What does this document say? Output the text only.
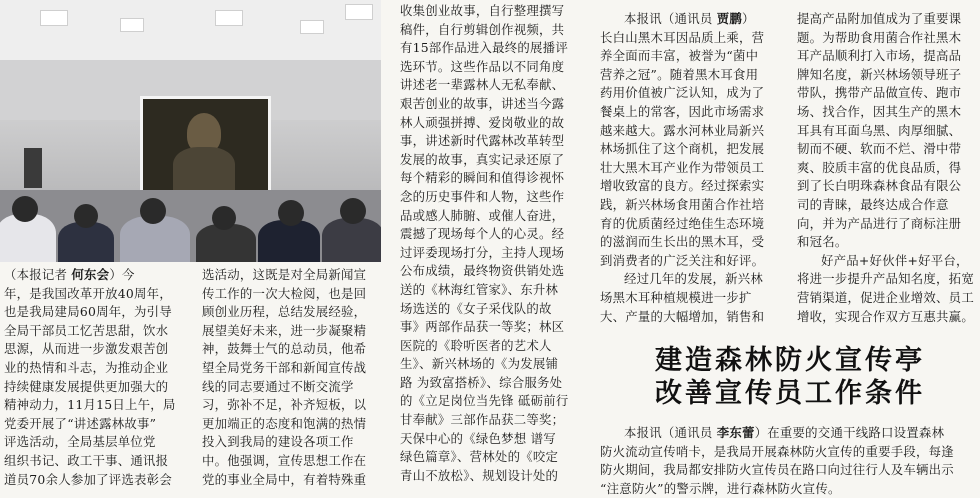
（本报记者 何东会）今

年，是我国改革开放40周年，

也是我局建局60周年，为引导

全局干部员工忆苦思甜，饮水

思源，从而进一步激发艰苦创

业的热情和斗志，为推动企业

持续健康发展提供更加强大的

精神动力，11月15日上午，局

党委开展了“讲述露林故事”

评选活动，全局基层单位党

组织书记、政工干事、通讯报

道员70余人参加了评选表彰会

选活动，这既是对全局新闻宣

传工作的一次大检阅，也是回

顾创业历程，总结发展经验，

展望美好未来，进一步凝聚精

神，鼓舞士气的总动员，他希

望全局党务干部和新闻宣传战

线的同志要通过不断交流学

习，弥补不足，补齐短板，以

更加端正的态度和饱满的热情

投入到我局的建设各项工作

中。他强调，宣传思想工作在

党的事业全局中，有着特殊重

收集创业故事，自行整理撰写

稿件，自行剪辑创作视频，共

有15部作品进入最终的展播评

选环节。这些作品以不同角度

讲述老一辈露林人无私奉献、

艰苦创业的故事，讲述当今露

林人顽强拼搏、爱岗敬业的故

事，讲述新时代露林改革转型

发展的故事，真实记录还原了

每个精彩的瞬间和值得诊视怀

念的历史事件和人物，这些作

品或感人肺腑、或催人奋进，

震撼了现场每个人的心灵。经

过评委现场打分，主持人现场

公布成绩，最终物资供销处选

送的《林海红管家》、东升林

场选送的《女子采伐队的故

事》两部作品获一等奖；林区

医院的《聆听医者的艺术人

生》、新兴林场的《为发展铺

路 为致富搭桥》、综合服务处

的《立足岗位当先锋 砥砺前行

甘奉献》三部作品获二等奖；

天保中心的《绿色梦想 谱写

绿色篇章》、营林处的《咬定

青山不放松》、规划设计处的

本报讯（通讯员 贾鹏）

长白山黑木耳因品质上乘，营

养全面而丰富，被誉为“菌中

营养之冠”。随着黑木耳食用

药用价值被广泛认知，成为了

餐桌上的常客，因此市场需求

越来越大。露水河林业局新兴

林场抓住了这个商机，把发展

壮大黑木耳产业作为带领员工

增收致富的良方。经过探索实

践，新兴林场食用菌合作社培

育的优质菌经过绝佳生态环境

的滋润而生长出的黑木耳，受

到消费者的广泛关注和好评。

经过几年的发展，新兴林

场黑木耳种植规模进一步扩

大、产量的大幅增加，销售和

提高产品附加值成为了重要课

题。为帮助食用菌合作社黑木

耳产品顺利打入市场，提高品

牌知名度，新兴林场领导班子

带队，携带产品做宣传、跑市

场、找合作，因其生产的黑木

耳具有耳面乌黑、肉厚细腻、

韧而不硬、软而不烂、滑中带

爽、胶质丰富的优良品质，得

到了长白明珠森林食品有限公

司的青睐，最终达成合作意

向，并为产品进行了商标注册

和冠名。

好产品+好伙伴+好平台，

将进一步提升产品知名度，拓宽

营销渠道，促进企业增效、员工

增收，实现合作双方互惠共赢。

建造森林防火宣传亭
改善宣传员工作条件

本报讯（通讯员 李东蕾）在重要的交通干线路口设置森林

防火流动宣传哨卡，是我局开展森林防火宣传的重要手段，每逢

防火期间，我局都安排防火宣传员在路口向过往行人及车辆出示

“注意防火”的警示牌，进行森林防火宣传。
